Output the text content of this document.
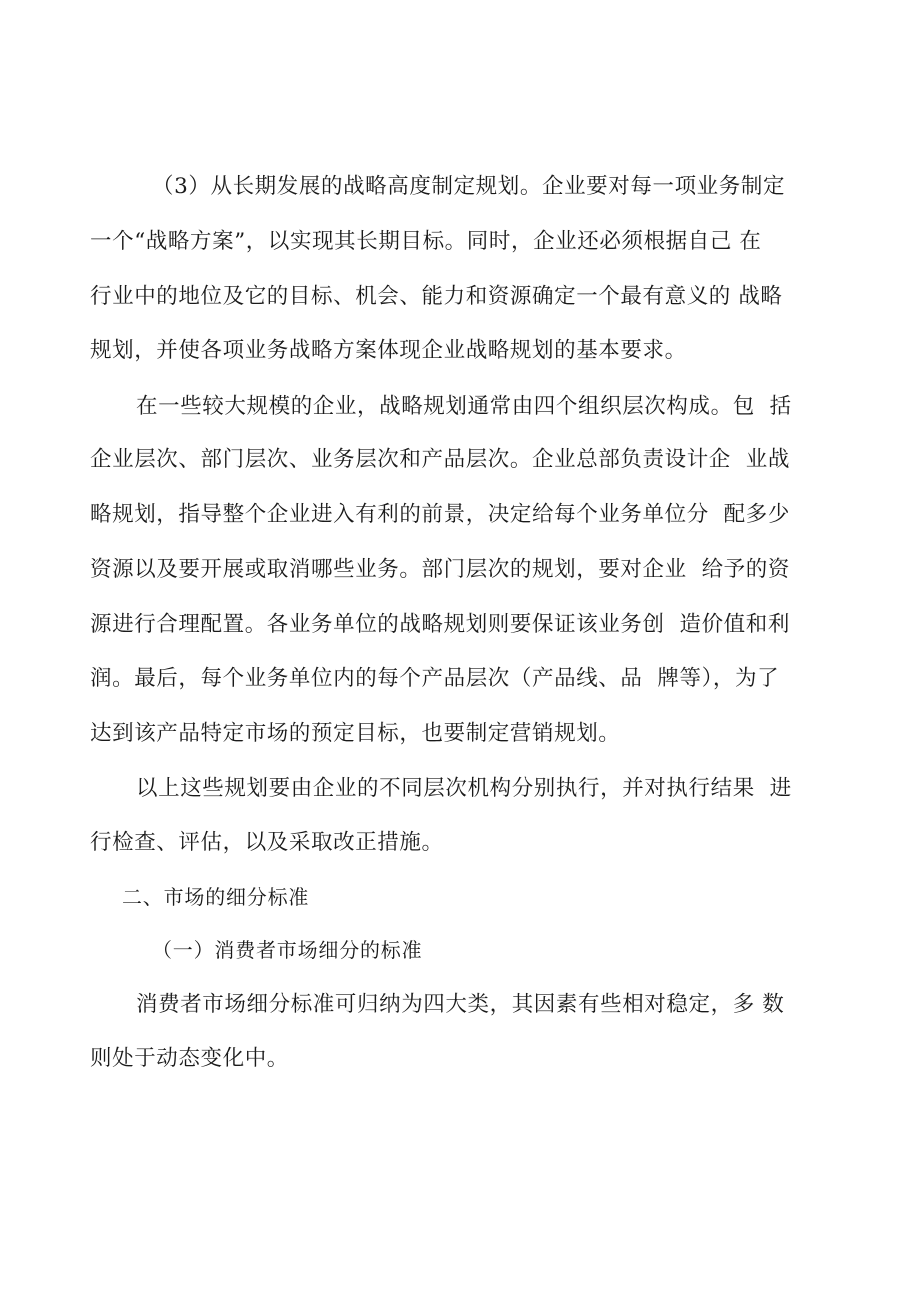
（3）从长期发展的战略高度制定规划。企业要对每一项业务制定
一个“战略方案”，以实现其长期目标。同时，企业还必须根据自己 在
行业中的地位及它的目标、机会、能力和资源确定一个最有意义的 战略
规划，并使各项业务战略方案体现企业战略规划的基本要求。
在一些较大规模的企业，战略规划通常由四个组织层次构成。包  括
企业层次、部门层次、业务层次和产品层次。企业总部负责设计企  业战
略规划，指导整个企业进入有利的前景，决定给每个业务单位分  配多少
资源以及要开展或取消哪些业务。部门层次的规划，要对企业  给予的资
源进行合理配置。各业务单位的战略规划则要保证该业务创  造价值和利
润。最后，每个业务单位内的每个产品层次（产品线、品  牌等），为了
达到该产品特定市场的预定目标，也要制定营销规划。
以上这些规划要由企业的不同层次机构分别执行，并对执行结果  进
行检查、评估，以及采取改正措施。
二、市场的细分标准
（一）消费者市场细分的标准
消费者市场细分标准可归纳为四大类，其因素有些相对稳定，多 数
则处于动态变化中。
